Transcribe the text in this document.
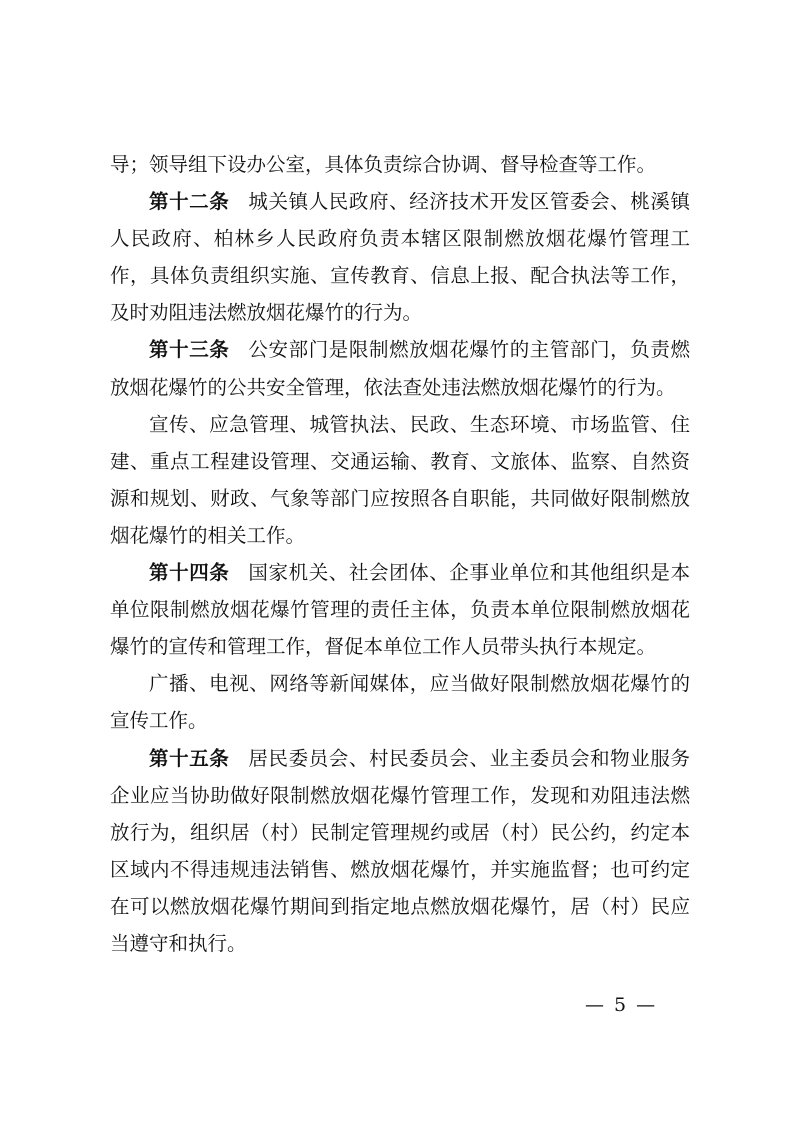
导；领导组下设办公室，具体负责综合协调、督导检查等工作。

第十二条 城关镇人民政府、经济技术开发区管委会、桃溪镇人民政府、柏林乡人民政府负责本辖区限制燃放烟花爆竹管理工作，具体负责组织实施、宣传教育、信息上报、配合执法等工作，及时劝阻违法燃放烟花爆竹的行为。

第十三条 公安部门是限制燃放烟花爆竹的主管部门，负责燃放烟花爆竹的公共安全管理，依法查处违法燃放烟花爆竹的行为。

宣传、应急管理、城管执法、民政、生态环境、市场监管、住建、重点工程建设管理、交通运输、教育、文旅体、监察、自然资源和规划、财政、气象等部门应按照各自职能，共同做好限制燃放烟花爆竹的相关工作。

第十四条 国家机关、社会团体、企事业单位和其他组织是本单位限制燃放烟花爆竹管理的责任主体，负责本单位限制燃放烟花爆竹的宣传和管理工作，督促本单位工作人员带头执行本规定。

广播、电视、网络等新闻媒体，应当做好限制燃放烟花爆竹的宣传工作。

第十五条 居民委员会、村民委员会、业主委员会和物业服务企业应当协助做好限制燃放烟花爆竹管理工作，发现和劝阻违法燃放行为，组织居（村）民制定管理规约或居（村）民公约，约定本区域内不得违规违法销售、燃放烟花爆竹，并实施监督；也可约定在可以燃放烟花爆竹期间到指定地点燃放烟花爆竹，居（村）民应当遵守和执行。

— 5 —
